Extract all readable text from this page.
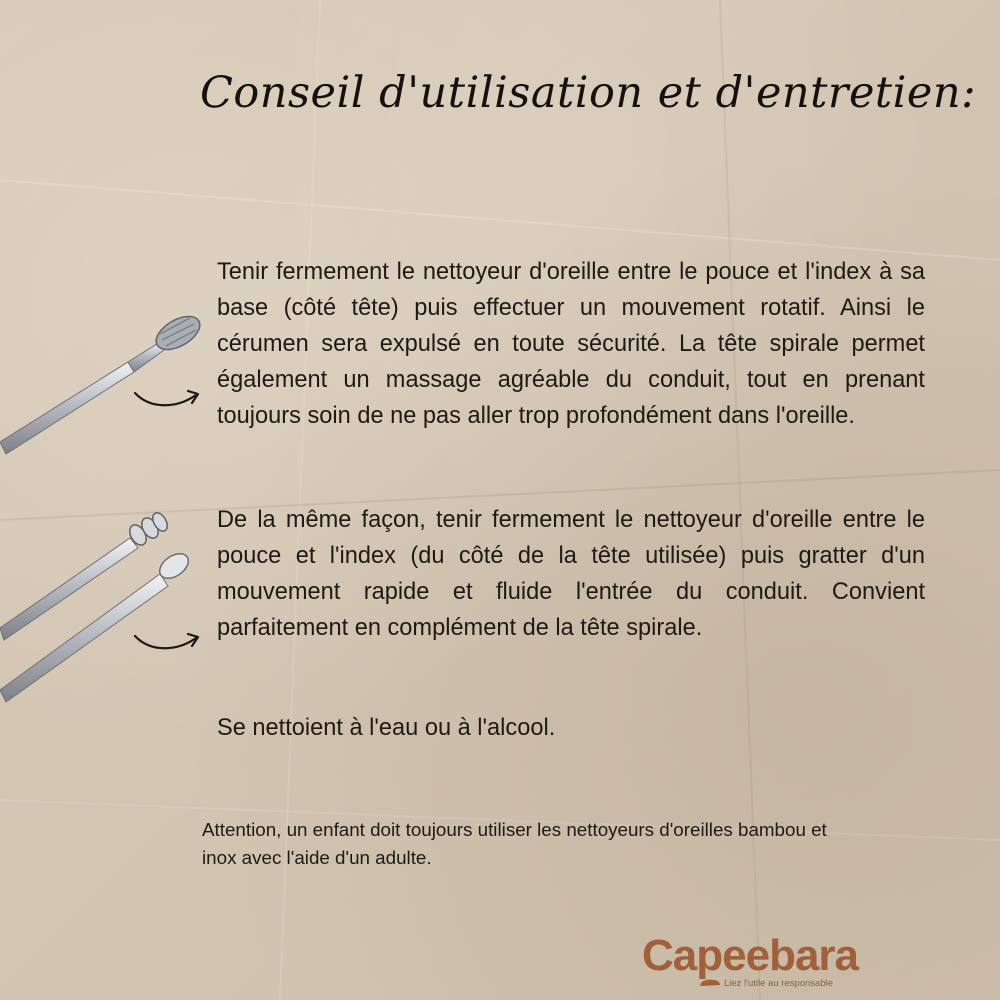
Conseil d'utilisation et d'entretien:

Tenir fermement le nettoyeur d'oreille entre le pouce et l'index à sa base (côté tête) puis effectuer un mouvement rotatif. Ainsi le cérumen sera expulsé en toute sécurité. La tête spirale permet également un massage agréable du conduit, tout en prenant toujours soin de ne pas aller trop profondément dans l'oreille.

De la même façon, tenir fermement le nettoyeur d'oreille entre le pouce et l'index (du côté de la tête utilisée) puis gratter d'un mouvement rapide et fluide l'entrée du conduit. Convient parfaitement en complément de la tête spirale.

Se nettoient à l'eau ou à l'alcool.

Attention, un enfant doit toujours utiliser les nettoyeurs d'oreilles bambou et inox avec l'aide d'un adulte.

Capeebara
Liez l'utile au responsable
